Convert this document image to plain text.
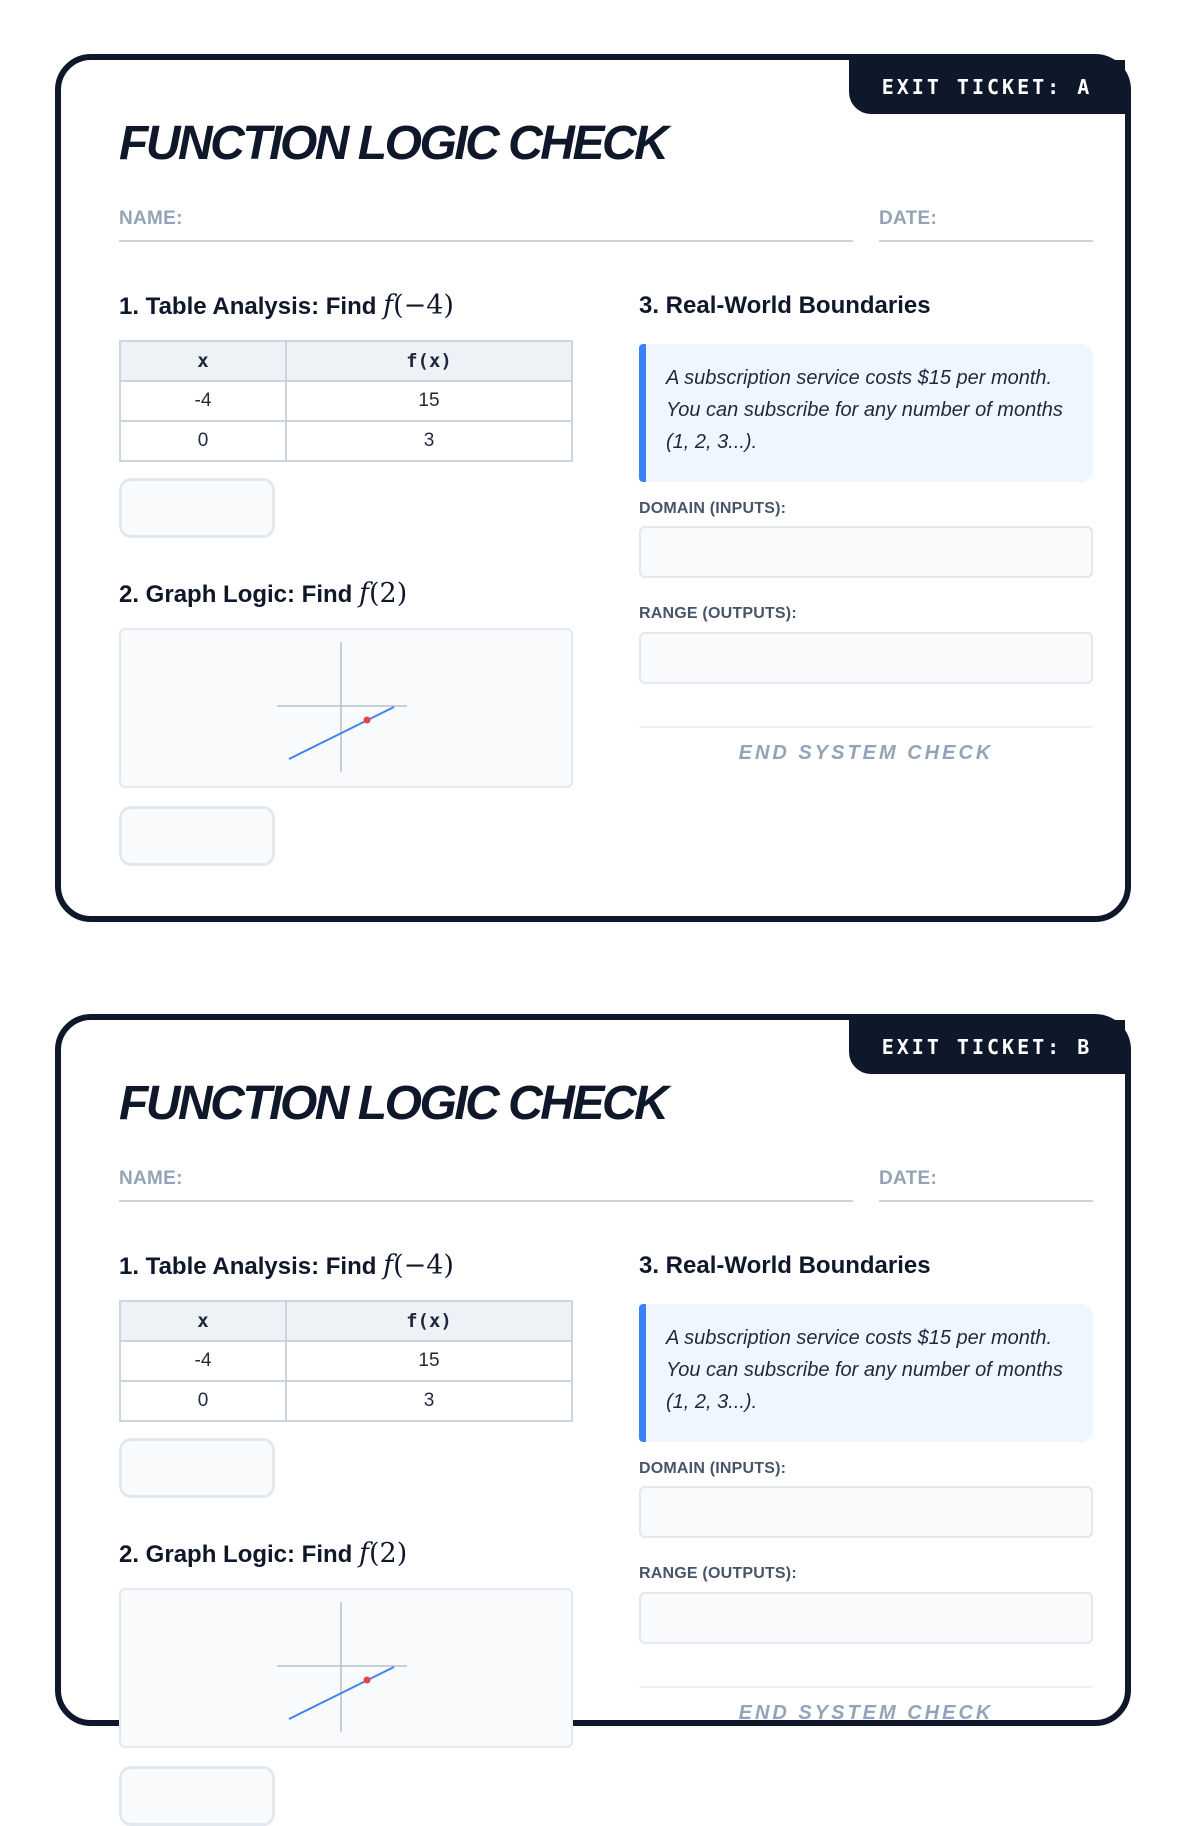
EXIT TICKET: A
FUNCTION LOGIC CHECK
NAME:	DATE:
1. Table Analysis: Find f(−4)
x	f(x)
-4	15
0	3
2. Graph Logic: Find f(2)
3. Real-World Boundaries
A subscription service costs $15 per month. You can subscribe for any number of months (1, 2, 3...).

DOMAIN (INPUTS):

RANGE (OUTPUTS):

END SYSTEM CHECK
EXIT TICKET: B
FUNCTION LOGIC CHECK
NAME:	DATE:
1. Table Analysis: Find f(−4)
x	f(x)
-4	15
0	3
2. Graph Logic: Find f(2)
3. Real-World Boundaries
A subscription service costs $15 per month. You can subscribe for any number of months (1, 2, 3...).

DOMAIN (INPUTS):

RANGE (OUTPUTS):

END SYSTEM CHECK
